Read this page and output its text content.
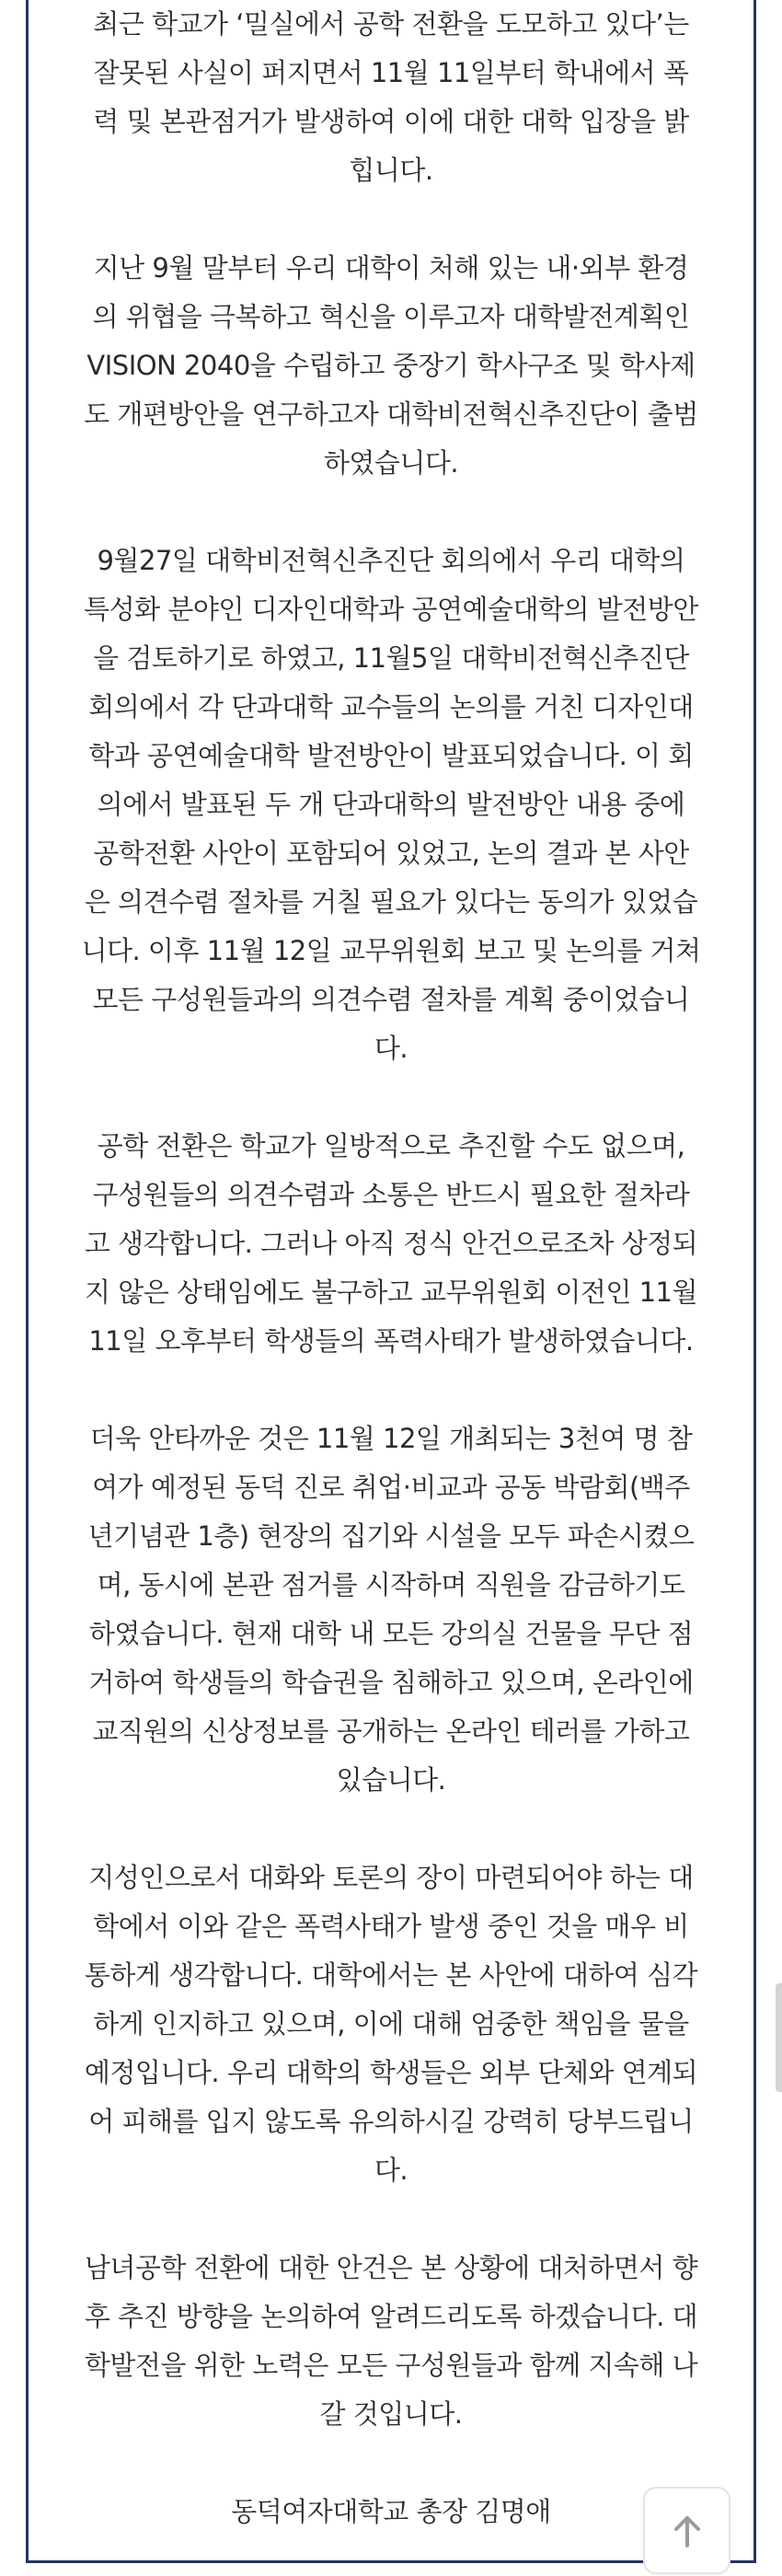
최근 학교가 ‘밀실에서 공학 전환을 도모하고 있다’는
잘못된 사실이 퍼지면서 11월 11일부터 학내에서 폭
력 및 본관점거가 발생하여 이에 대한 대학 입장을 밝
힙니다.

지난 9월 말부터 우리 대학이 처해 있는 내·외부 환경
의 위협을 극복하고 혁신을 이루고자 대학발전계획인
VISION 2040을 수립하고 중장기 학사구조 및 학사제
도 개편방안을 연구하고자 대학비전혁신추진단이 출범
하였습니다.

9월27일 대학비전혁신추진단 회의에서 우리 대학의
특성화 분야인 디자인대학과 공연예술대학의 발전방안
을 검토하기로 하였고, 11월5일 대학비전혁신추진단
회의에서 각 단과대학 교수들의 논의를 거친 디자인대
학과 공연예술대학 발전방안이 발표되었습니다. 이 회
의에서 발표된 두 개 단과대학의 발전방안 내용 중에
공학전환 사안이 포함되어 있었고, 논의 결과 본 사안
은 의견수렴 절차를 거칠 필요가 있다는 동의가 있었습
니다. 이후 11월 12일 교무위원회 보고 및 논의를 거쳐
모든 구성원들과의 의견수렴 절차를 계획 중이었습니
다.

공학 전환은 학교가 일방적으로 추진할 수도 없으며,
구성원들의 의견수렴과 소통은 반드시 필요한 절차라
고 생각합니다. 그러나 아직 정식 안건으로조차 상정되
지 않은 상태임에도 불구하고 교무위원회 이전인 11월
11일 오후부터 학생들의 폭력사태가 발생하였습니다.

더욱 안타까운 것은 11월 12일 개최되는 3천여 명 참
여가 예정된 동덕 진로 취업·비교과 공동 박람회(백주
년기념관 1층) 현장의 집기와 시설을 모두 파손시켰으
며, 동시에 본관 점거를 시작하며 직원을 감금하기도
하였습니다. 현재 대학 내 모든 강의실 건물을 무단 점
거하여 학생들의 학습권을 침해하고 있으며, 온라인에
교직원의 신상정보를 공개하는 온라인 테러를 가하고
있습니다.

지성인으로서 대화와 토론의 장이 마련되어야 하는 대
학에서 이와 같은 폭력사태가 발생 중인 것을 매우 비
통하게 생각합니다. 대학에서는 본 사안에 대하여 심각
하게 인지하고 있으며, 이에 대해 엄중한 책임을 물을
예정입니다. 우리 대학의 학생들은 외부 단체와 연계되
어 피해를 입지 않도록 유의하시길 강력히 당부드립니
다.

남녀공학 전환에 대한 안건은 본 상황에 대처하면서 향
후 추진 방향을 논의하여 알려드리도록 하겠습니다. 대
학발전을 위한 노력은 모든 구성원들과 함께 지속해 나
갈 것입니다.

동덕여자대학교 총장 김명애
